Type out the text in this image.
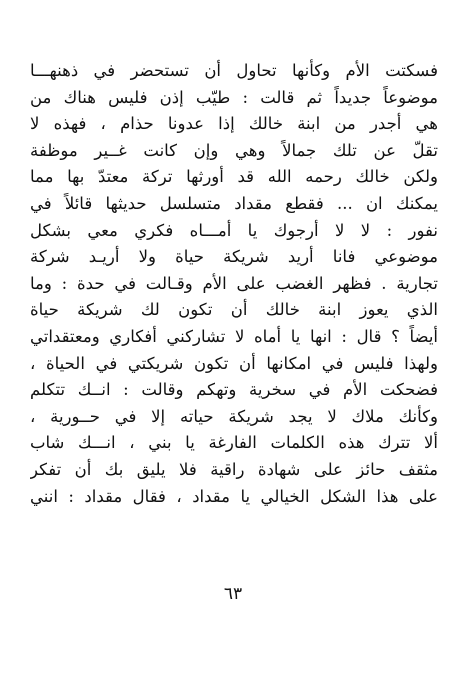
فسكتت الأم وكأنها تحاول أن تستحضر في ذهنهـــا
موضوعاً جديداً ثم قالت : طيّب إذن فليس هناك من
هي أجدر من ابنة خالك إذا عدونا حذام ، فهذه لا
تقلّ عن تلك جمالاً وهي وإن كانت غــير موظفة
ولكن خالك رحمه الله قد أورثها تركة معتدّ بها مما
يمكنك ان ... فقطع مقداد متسلسل حديثها قائلاً في
نفور : لا لا أرجوك يا أمـــاه فكري معي بشكل
موضوعي فانا أريد شريكة حياة ولا أريـد شركة
تجارية . فظهر الغضب على الأم وقـالت في حدة : وما
الذي يعوز ابنة خالك أن تكون لك شريكة حياة
أيضاً ؟ قال : انها يا أماه لا تشاركني أفكاري ومعتقداتي
ولهذا فليس في امكانها أن تكون شريكتي في الحياة ،
فضحكت الأم في سخرية وتهكم وقالت : انــك تتكلم
وكأنك ملاك لا يجد شريكة حياته إلا في حــورية ،
ألا تترك هذه الكلمات الفارغة يا بني ، انـــك شاب
مثقف حائز على شهادة راقية فلا يليق بك أن تفكر
على هذا الشكل الخيالي يا مقداد ، فقال مقداد : انني
٦٣
